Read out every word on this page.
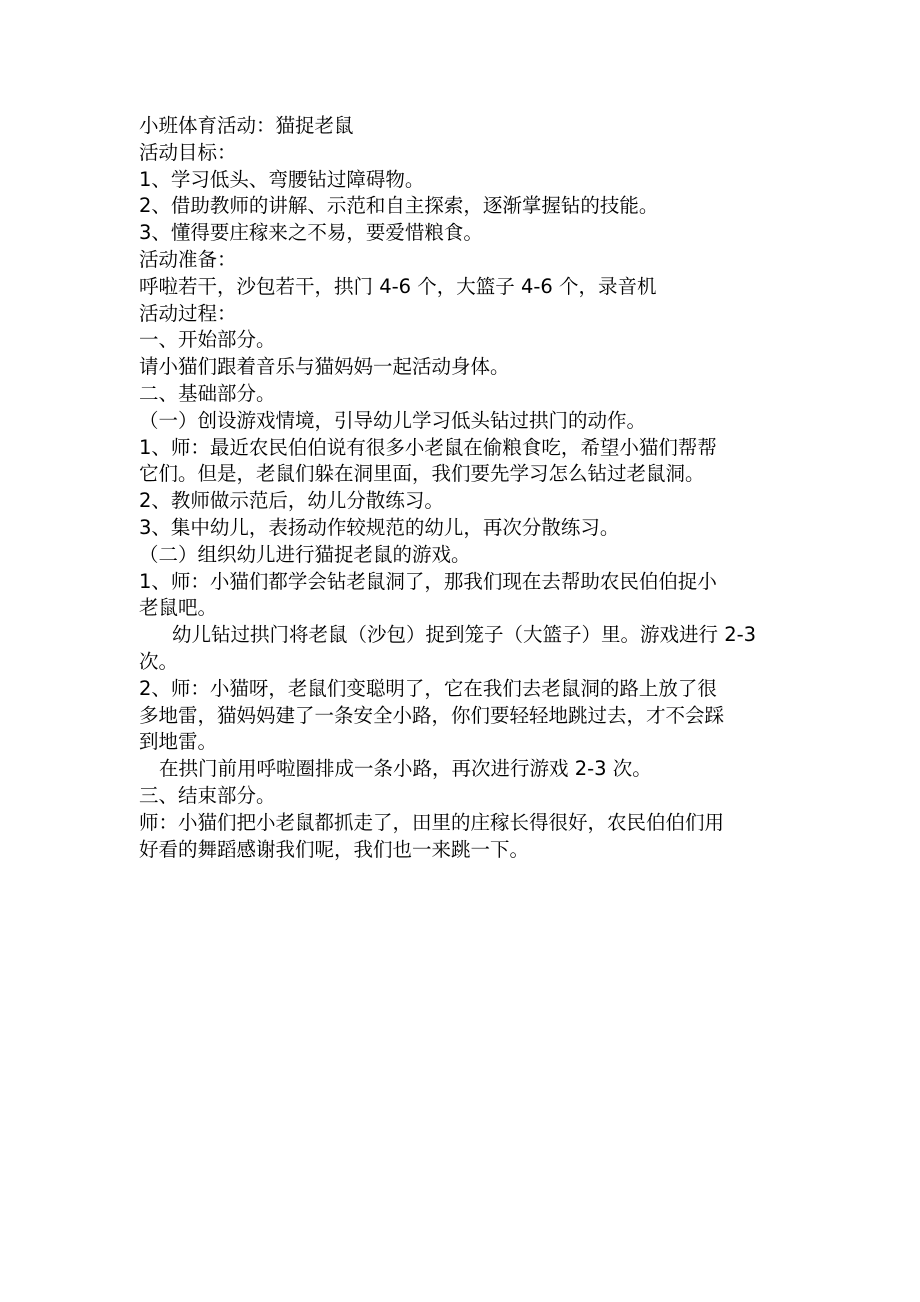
小班体育活动：猫捉老鼠

活动目标：

1、学习低头、弯腰钻过障碍物。

2、借助教师的讲解、示范和自主探索，逐渐掌握钻的技能。

3、懂得要庄稼来之不易，要爱惜粮食。

活动准备：

呼啦若干，沙包若干，拱门 4-6 个，大篮子 4-6 个，录音机

活动过程：

一、开始部分。

请小猫们跟着音乐与猫妈妈一起活动身体。

二、基础部分。

（一）创设游戏情境，引导幼儿学习低头钻过拱门的动作。

1、师：最近农民伯伯说有很多小老鼠在偷粮食吃，希望小猫们帮帮

它们。但是，老鼠们躲在洞里面，我们要先学习怎么钻过老鼠洞。

2、教师做示范后，幼儿分散练习。

3、集中幼儿，表扬动作较规范的幼儿，再次分散练习。

（二）组织幼儿进行猫捉老鼠的游戏。

1、师：小猫们都学会钻老鼠洞了，那我们现在去帮助农民伯伯捉小

老鼠吧。

幼儿钻过拱门将老鼠（沙包）捉到笼子（大篮子）里。游戏进行 2-3

次。

2、师：小猫呀，老鼠们变聪明了，它在我们去老鼠洞的路上放了很

多地雷，猫妈妈建了一条安全小路，你们要轻轻地跳过去，才不会踩

到地雷。

在拱门前用呼啦圈排成一条小路，再次进行游戏 2-3 次。

三、结束部分。

师：小猫们把小老鼠都抓走了，田里的庄稼长得很好，农民伯伯们用

好看的舞蹈感谢我们呢，我们也一来跳一下。
